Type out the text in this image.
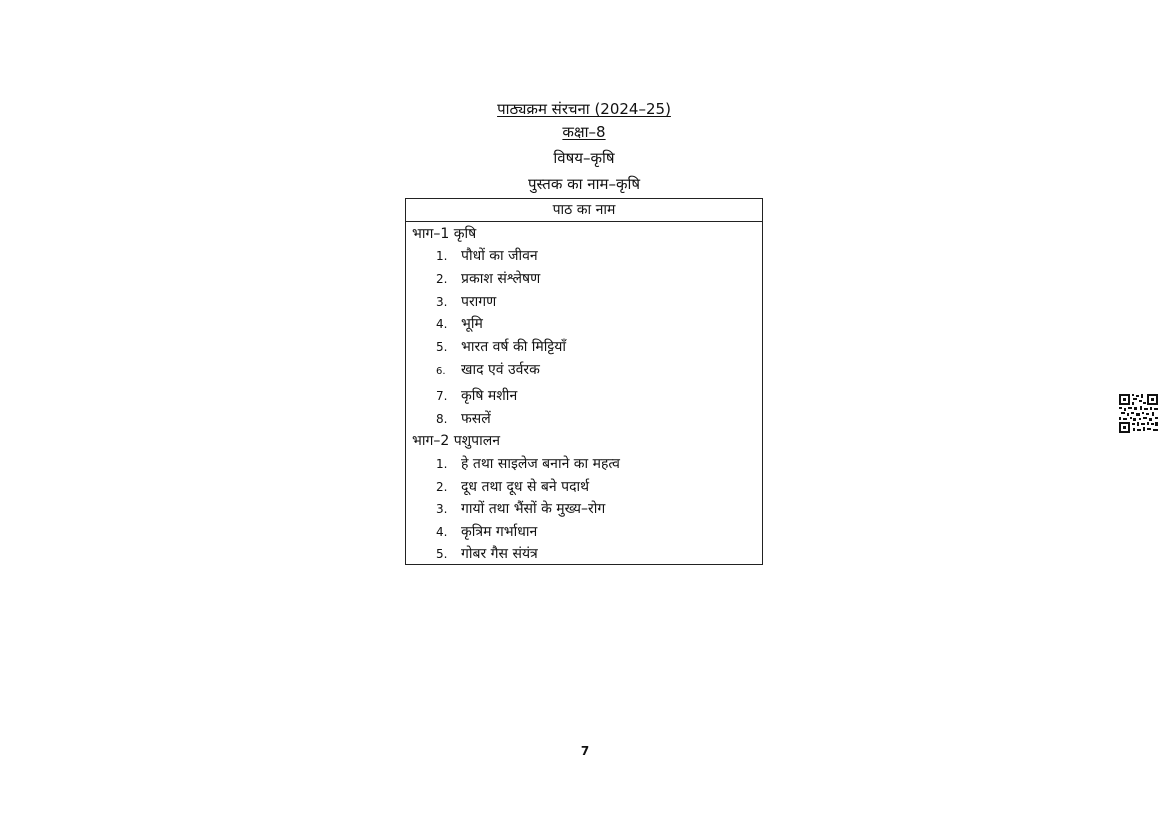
पाठ्यक्रम संरचना (2024–25)
कक्षा–8
विषय–कृषि
पुस्तक का नाम–कृषि
पाठ का नाम
भाग–1 कृषि
1. पौधों का जीवन
2. प्रकाश संश्लेषण
3. परागण
4. भूमि
5. भारत वर्ष की मिट्टियाँ
6. खाद एवं उर्वरक
7. कृषि मशीन
8. फसलें
भाग–2 पशुपालन
1. हे तथा साइलेज बनाने का महत्व
2. दूध तथा दूध से बने पदार्थ
3. गायों तथा भैंसों के मुख्य–रोग
4. कृत्रिम गर्भाधान
5. गोबर गैस संयंत्र
7
